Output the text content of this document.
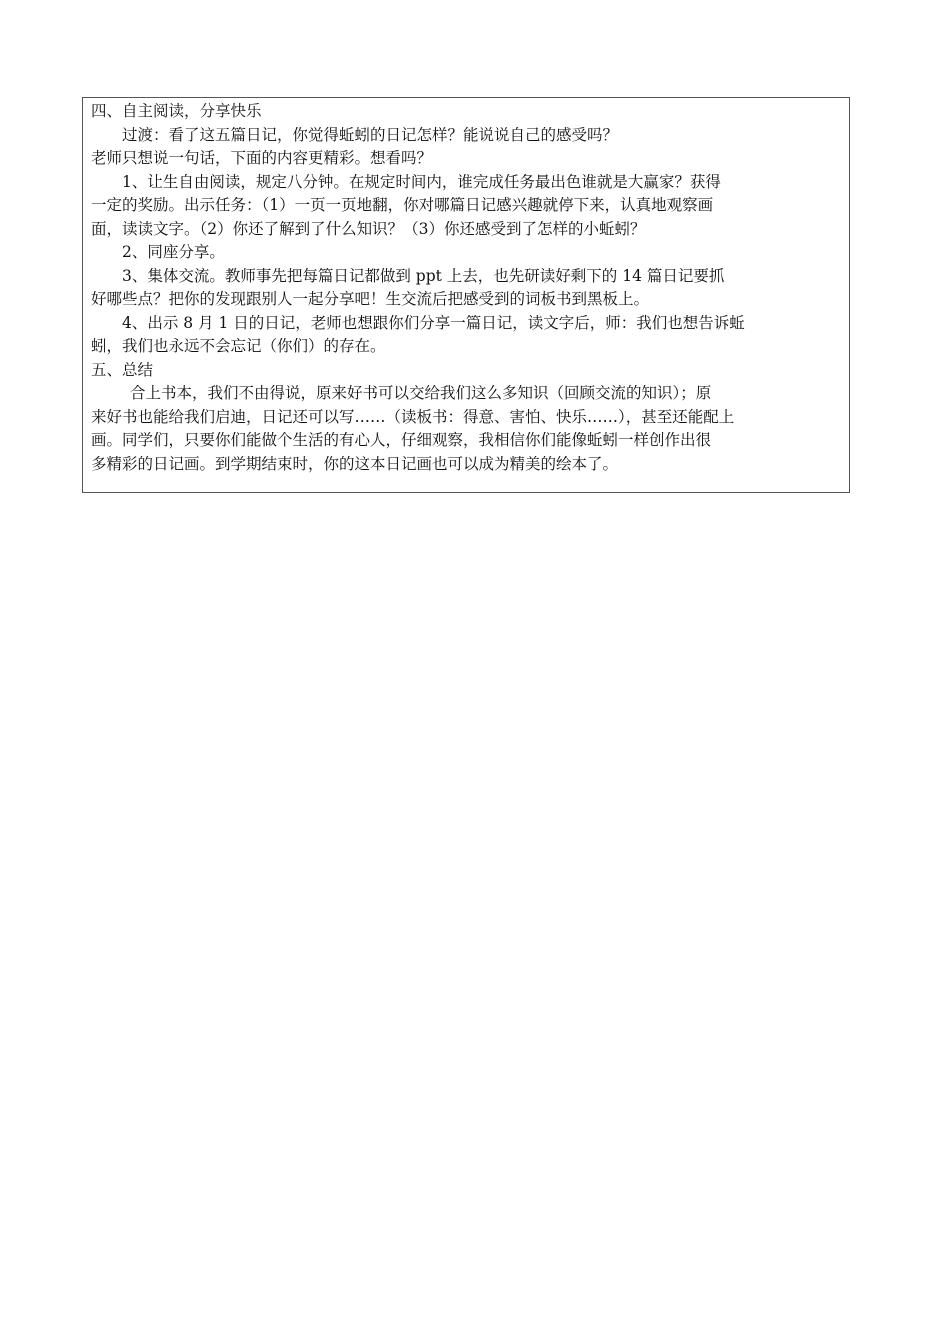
四、自主阅读，分享快乐
过渡：看了这五篇日记，你觉得蚯蚓的日记怎样？能说说自己的感受吗？
老师只想说一句话，下面的内容更精彩。想看吗？
1、让生自由阅读，规定八分钟。在规定时间内，谁完成任务最出色谁就是大赢家？获得
一定的奖励。出示任务：（1）一页一页地翻，你对哪篇日记感兴趣就停下来，认真地观察画
面，读读文字。（2）你还了解到了什么知识？（3）你还感受到了怎样的小蚯蚓？
2、同座分享。
3、集体交流。教师事先把每篇日记都做到 ppt 上去，也先研读好剩下的 14 篇日记要抓
好哪些点？把你的发现跟别人一起分享吧！生交流后把感受到的词板书到黑板上。
4、出示 8 月 1 日的日记，老师也想跟你们分享一篇日记，读文字后，师：我们也想告诉蚯
蚓，我们也永远不会忘记（你们）的存在。
五、总结
合上书本，我们不由得说，原来好书可以交给我们这么多知识（回顾交流的知识）；原
来好书也能给我们启迪，日记还可以写……（读板书：得意、害怕、快乐……），甚至还能配上
画。同学们，只要你们能做个生活的有心人，仔细观察，我相信你们能像蚯蚓一样创作出很
多精彩的日记画。到学期结束时，你的这本日记画也可以成为精美的绘本了。
